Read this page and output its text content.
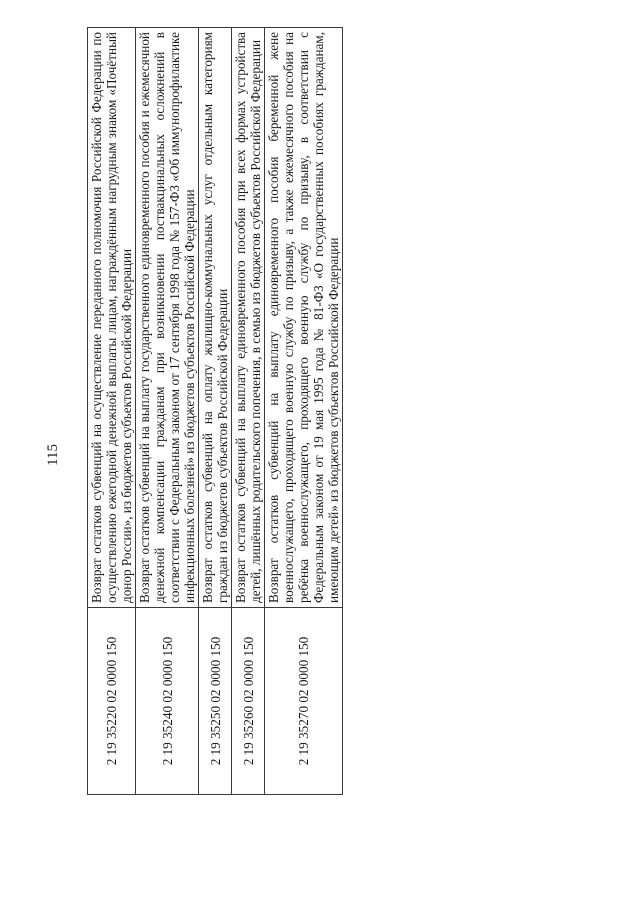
115
2 19 35220 02 0000 150	Возврат остатков субвенций на осуществление переданного полномочия Российской Федерации по осуществлению ежегодной денежной выплаты лицам, награждённым нагрудным знаком «Почётный донор России», из бюджетов субъектов Российской Федерации
2 19 35240 02 0000 150	Возврат остатков субвенций на выплату государственного единовременного пособия и ежемесячной денежной компенсации гражданам при возникновении поствакцинальных осложнений в соответствии с Федеральным законом от 17 сентября 1998 года № 157-ФЗ «Об иммунопрофилактике инфекционных болезней» из бюджетов субъектов Российской Федерации
2 19 35250 02 0000 150	Возврат остатков субвенций на оплату жилищно-коммунальных услуг отдельным категориям граждан из бюджетов субъектов Российской Федерации
2 19 35260 02 0000 150	Возврат остатков субвенций на выплату единовременного пособия при всех формах устройства детей, лишённых родительского попечения, в семью из бюджетов субъектов Российской Федерации
2 19 35270 02 0000 150	Возврат остатков субвенций на выплату единовременного пособия беременной жене военнослужащего, проходящего военную службу по призыву, а также ежемесячного пособия на ребёнка военнослужащего, проходящего военную службу по призыву, в соответствии с Федеральным законом от 19 мая 1995 года № 81-ФЗ «О государственных пособиях гражданам, имеющим детей» из бюджетов субъектов Российской Федерации
